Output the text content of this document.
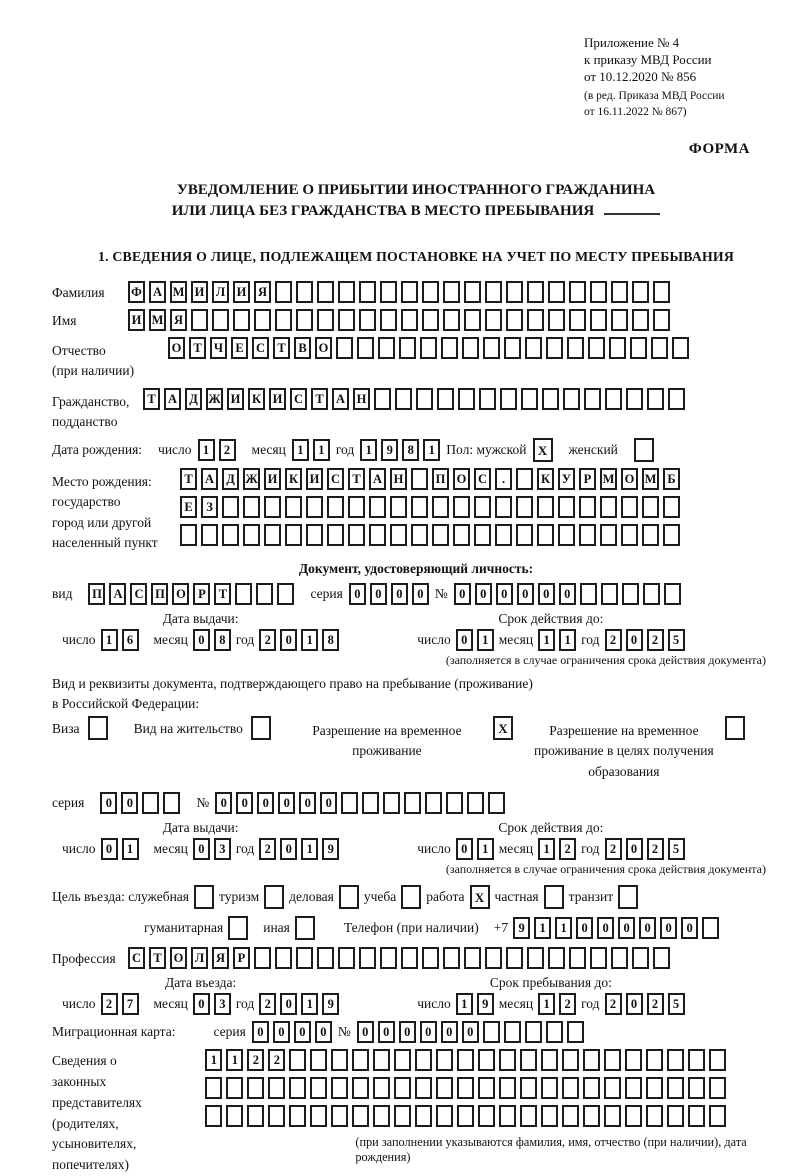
Приложение № 4
к приказу МВД России
от 10.12.2020 № 856
(в ред. Приказа МВД России
от 16.11.2022 № 867)
ФОРМА
УВЕДОМЛЕНИЕ О ПРИБЫТИИ ИНОСТРАННОГО ГРАЖДАНИНА
ИЛИ ЛИЦА БЕЗ ГРАЖДАНСТВА В МЕСТО ПРЕБЫВАНИЯ
1. СВЕДЕНИЯ О ЛИЦЕ, ПОДЛЕЖАЩЕМ ПОСТАНОВКЕ НА УЧЕТ ПО МЕСТУ ПРЕБЫВАНИЯ
Фамилия	Ф А М И Л И Я
Имя	И М Я
Отчество
(при наличии)
О Т Ч Е С Т	В О
Гражданство,
подданство
Т А Д Ж И К И С Т А Н
Дата рождения: число 1	2	месяц 1	1 год 1	9	8	1 Пол: мужской X	женский
Место рождения:
государство
город или другой
населенный пункт
Т А Д Ж И К И С Т А Н	П О С	.	К У	Р М О М Б
Е	З
Документ, удостоверяющий личность:
вид П А С П О Р	Т	серия 0	0	0	0 № 0	0	0	0	0	0
Дата выдачи:
число 1	6	месяц 0	8 год 2	0	1	8
Срок действия до:
число 0	1 месяц 1	1 год 2	0	2	5
(заполняется в случае ограничения срока действия документа)
Вид и реквизиты документа, подтверждающего право на пребывание (проживание)
в Российской Федерации:
Виза	Вид на жительство	Разрешение на временное проживание
X	Разрешение на временное проживание в целях получения образования
серия	0	0	№ 0	0	0	0	0	0
Дата выдачи:
число 0	1	месяц 0	3 год 2	0	1	9
Срок действия до:
число 0	1 месяц 1	2 год 2	0	2	5
(заполняется в случае ограничения срока действия документа)
Цель въезда: служебная туризм деловая учеба работа X частная транзит
гуманитарная	иная	Телефон (при наличии) +7 9	1	1	0	0	0	0	0	0
Профессия	С Т О Л Я	Р
Дата въезда:
число 2	7	месяц 0	3 год 2	0	1	9
Срок пребывания до:
число 1	9 месяц 1	2 год 2	0	2	5
Миграционная карта:	серия 0	0	0	0 № 0	0	0	0	0	0
Сведения о
законных
представителях
(родителях,
усыновителях,
попечителях)
1	1	2	2
(при заполнении указываются фамилия, имя, отчество (при наличии), дата рождения)
